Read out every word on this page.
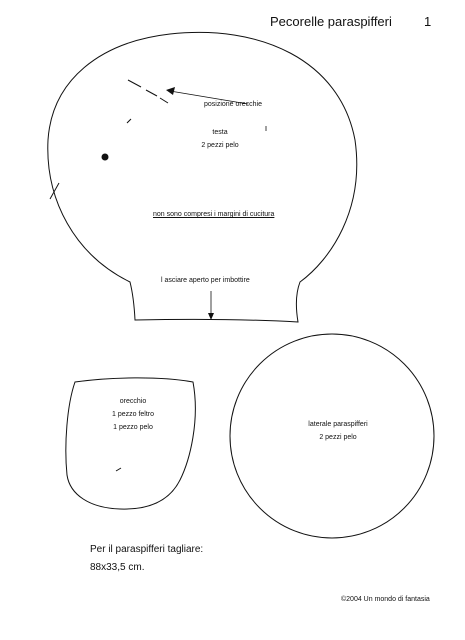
Pecorelle paraspifferi 1
posizione orecchie
testa
2 pezzi pelo
non sono compresi i margini di cucitura
l asciare aperto per imbottire
orecchio
1 pezzo feltro
1 pezzo pelo	laterale paraspifferi
2 pezzi pelo
Per il paraspifferi tagliare:
88x33,5 cm.
©2004 Un mondo di fantasia
